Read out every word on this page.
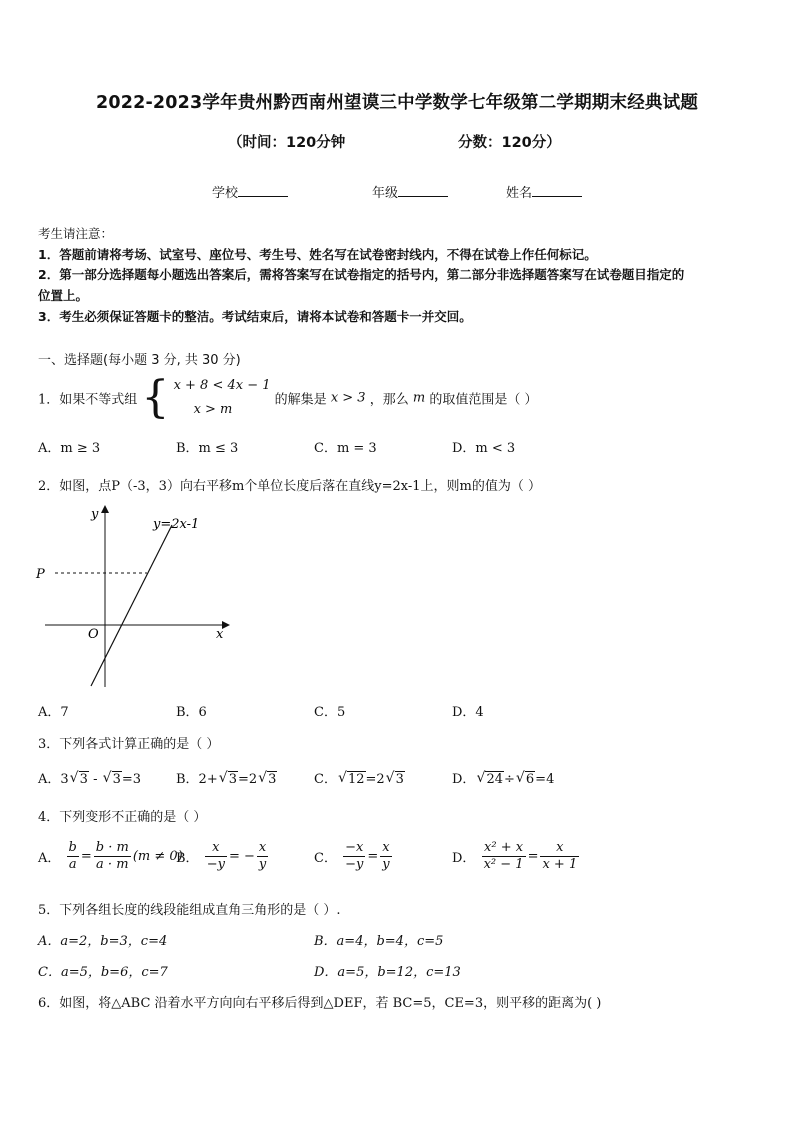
2022-2023学年贵州黔西南州望谟三中学数学七年级第二学期期末经典试题
（时间：120分钟	分数：120分）
学校	年级	姓名
考生请注意：
1．答题前请将考场、试室号、座位号、考生号、姓名写在试卷密封线内，不得在试卷上作任何标记。
2．第一部分选择题每小题选出答案后，需将答案写在试卷指定的括号内，第二部分非选择题答案写在试卷题目指定的
位置上。
3．考生必须保证答题卡的整洁。考试结束后，请将本试卷和答题卡一并交回。
一、选择题(每小题 3 分, 共 30 分)
1．如果不等式组 { x + 8 < 4x − 1
x > m
的解集是 x > 3 ，那么 m 的取值范围是（ ）
A．m ≥ 3	B．m ≤ 3	C．m = 3	D．m < 3
2．如图，点P（-3，3）向右平移m个单位长度后落在直线y=2x-1上，则m的值为（ ）
y=2x-1
y
x
O
P
A．7	B．6	C．5	D．4
3．下列各式计算正确的是（ ）
A．3 √ 3 - √ 3=3	B．2+ √ 3=2 √ 3	C． √ 12=2 √ 3	D． √ 24÷ √ 6=4
4．下列变形不正确的是（ ）
A． $\frac{b}{a} = \frac{b \cdot m}{a \cdot m} (m \ne 0)$
B． $\frac{x}{-y}$ = − $\frac{x}{y}$	C． $\frac{-x}{-y} = \frac{x}{y}$	D． $\frac{\text{x² + x}}{\text{x² − 1}} = \frac{x}{x + 1}$
5．下列各组长度的线段能组成直角三角形的是（ ）.
A．a=2，b=3，c=4	B．a=4，b=4，c=5
C．a=5，b=6，c=7	D．a=5，b=12，c=13
6．如图，将△ABC 沿着水平方向向右平移后得到△DEF，若 BC=5，CE=3，则平移的距离为( )
